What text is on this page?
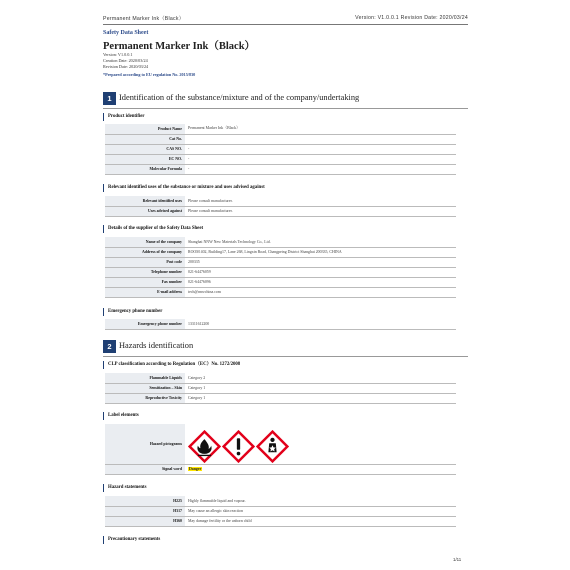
Permanent Marker Ink（Black）	Version: V1.0.0.1 Revision Date: 2020/03/24
Safety Data Sheet
Permanent Marker Ink（Black）
Version: V1.0.0.1
Creation Date: 2020/03/24
Revision Date: 2020/03/24
*Prepared according to EU regulation No. 2015/830
1 Identification of the substance/mixture and of the company/undertaking
Product identifier
Product Name	Permanent Marker Ink（Black）
Cat No.	
CAS NO.	-
EC NO.	-
Molecular Formula	-
Relevant identified uses of the substance or mixture and uses advised against
Relevant identified uses	Please consult manufacturer.
Uses advised against	Please consult manufacturer.
Details of the supplier of the Safety Data Sheet
Name of the company	Shanghai NNW New Materials Technology Co., Ltd.
Address of the company	ROOM 402, Building17, Lane 268, Lingxin Road, Changpeing District Shanghai 200335, CHINA
Post code	200335
Telephone number	021-64476059
Fax number	021-64476096
E-mail address	tech@nnwchina.com
Emergency phone number
Emergency phone number	13311612200
2 Hazards identification
CLP classification according to Regulation（EC）No. 1272/2008
Flammable Liquids	Category 2
Sensitization – Skin	Category 1
Reproductive Toxicity	Category 1
Label elements
Hazard pictograms	
Signal word	Danger
Hazard statements
H225	Highly flammable liquid and vapour.
H317	May cause an allergic skin reaction
H360	May damage fertility or the unborn child
Precautionary statements
1/11
